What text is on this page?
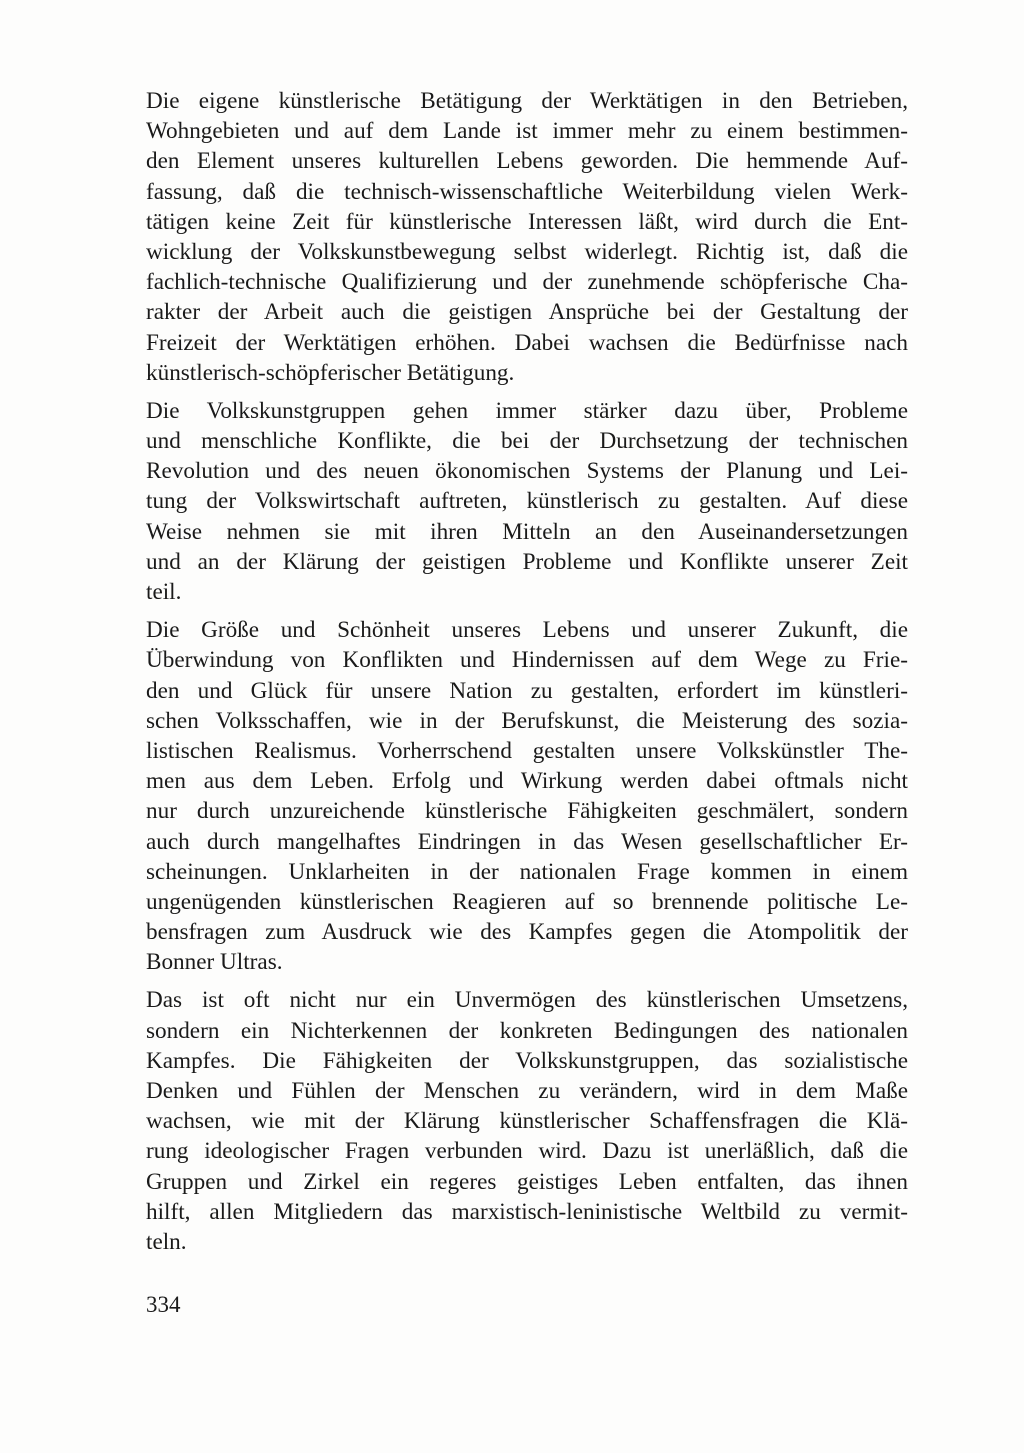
Die eigene künstlerische Betätigung der Werktätigen in den Betrieben,
Wohngebieten und auf dem Lande ist immer mehr zu einem bestimmen-
den Element unseres kulturellen Lebens geworden. Die hemmende Auf-
fassung, daß die technisch-wissenschaftliche Weiterbildung vielen Werk-
tätigen keine Zeit für künstlerische Interessen läßt, wird durch die Ent-
wicklung der Volkskunstbewegung selbst widerlegt. Richtig ist, daß die
fachlich-technische Qualifizierung und der zunehmende schöpferische Cha-
rakter der Arbeit auch die geistigen Ansprüche bei der Gestaltung der
Freizeit der Werktätigen erhöhen. Dabei wachsen die Bedürfnisse nach
künstlerisch-schöpferischer Betätigung.
Die Volkskunstgruppen gehen immer stärker dazu über, Probleme
und menschliche Konflikte, die bei der Durchsetzung der technischen
Revolution und des neuen ökonomischen Systems der Planung und Lei-
tung der Volkswirtschaft auftreten, künstlerisch zu gestalten. Auf diese
Weise nehmen sie mit ihren Mitteln an den Auseinandersetzungen
und an der Klärung der geistigen Probleme und Konflikte unserer Zeit
teil.
Die Größe und Schönheit unseres Lebens und unserer Zukunft, die
Überwindung von Konflikten und Hindernissen auf dem Wege zu Frie-
den und Glück für unsere Nation zu gestalten, erfordert im künstleri-
schen Volksschaffen, wie in der Berufskunst, die Meisterung des sozia-
listischen Realismus. Vorherrschend gestalten unsere Volkskünstler The-
men aus dem Leben. Erfolg und Wirkung werden dabei oftmals nicht
nur durch unzureichende künstlerische Fähigkeiten geschmälert, sondern
auch durch mangelhaftes Eindringen in das Wesen gesellschaftlicher Er-
scheinungen. Unklarheiten in der nationalen Frage kommen in einem
ungenügenden künstlerischen Reagieren auf so brennende politische Le-
bensfragen zum Ausdruck wie des Kampfes gegen die Atompolitik der
Bonner Ultras.
Das ist oft nicht nur ein Unvermögen des künstlerischen Umsetzens,
sondern ein Nichterkennen der konkreten Bedingungen des nationalen
Kampfes. Die Fähigkeiten der Volkskunstgruppen, das sozialistische
Denken und Fühlen der Menschen zu verändern, wird in dem Maße
wachsen, wie mit der Klärung künstlerischer Schaffensfragen die Klä-
rung ideologischer Fragen verbunden wird. Dazu ist unerläßlich, daß die
Gruppen und Zirkel ein regeres geistiges Leben entfalten, das ihnen
hilft, allen Mitgliedern das marxistisch-leninistische Weltbild zu vermit-
teln.
334
